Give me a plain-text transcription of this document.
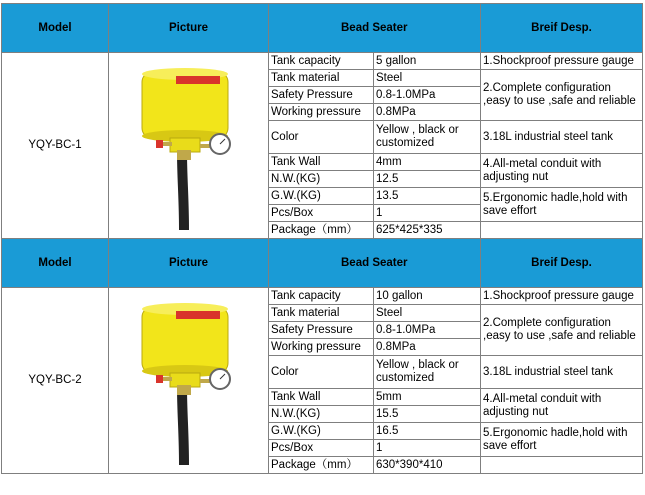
Model	Picture	Bead Seater		Breif Desp.
YQY-BC-1		Tank capacity	5 gallon	1.Shockproof pressure gauge
		Tank material	Steel	2.Complete configuration ,easy to use ,safe and reliable
		Safety Pressure	0.8-1.0MPa	
		Working pressure	0.8MPa	
		Color	Yellow , black or customized	3.18L industrial steel tank
		Tank Wall	4mm	4.All-metal conduit with adjusting nut
		N.W.(KG)	12.5	
		G.W.(KG)	13.5	5.Ergonomic hadle,hold with save effort
		Pcs/Box	1	
		Package（mm）	625*425*335	
Model	Picture	Bead Seater		Breif Desp.
YQY-BC-2		Tank capacity	10 gallon	1.Shockproof pressure gauge
		Tank material	Steel	2.Complete configuration ,easy to use ,safe and reliable
		Safety Pressure	0.8-1.0MPa	
		Working pressure	0.8MPa	
		Color	Yellow , black or customized	3.18L industrial steel tank
		Tank Wall	5mm	4.All-metal conduit with adjusting nut
		N.W.(KG)	15.5	
		G.W.(KG)	16.5	5.Ergonomic hadle,hold with save effort
		Pcs/Box	1	
		Package（mm）	630*390*410	
